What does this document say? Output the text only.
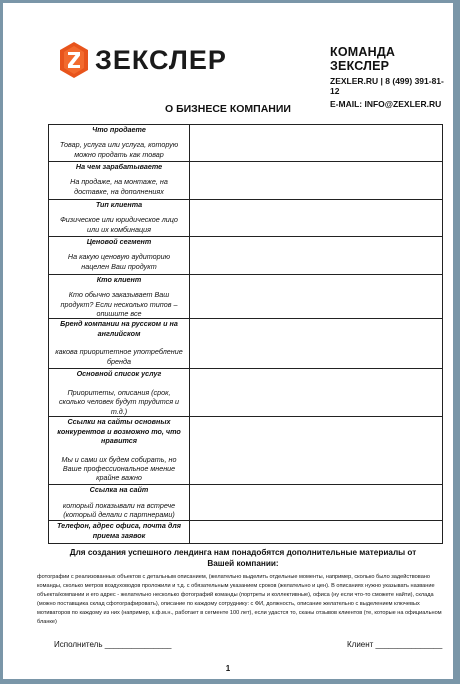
ЗЕКСЛЕР	КОМАНДА ЗЕКСЛЕР
ZEXLER.RU | 8 (499) 391-81-12
E-MAIL: INFO@ZEXLER.RU
О БИЗНЕСЕ КОМПАНИИ
Что продаете
Товар, услуга или услуга, которую можно продать как товар	

На чем зарабатываете
На продаже, на монтаже, на доставке, на дополнениях	

Тип клиента
Физическое или юридическое лицо или их комбинация	

Ценовой сегмент
На какую ценовую аудиторию нацелен Ваш продукт	

Кто клиент
Кто обычно заказывает Ваш продукт? Если несколько типов – опишите все	

Бренд компании на русском и на английском
какова приоритетное употребление бренда	

Основной список услуг
Приоритеты, описания (срок, сколько человек будут трудится и т.д.)	

Ссылки на сайты основных конкурентов и возможно то, что нравится
Мы и сами их будем собирать, но Ваше профессиональное мнение крайне важно	

Ссылка на сайт
который показывали на встрече (который делали с партнерами)	

Телефон, адрес офиса, почта для приема заявок	

Для создания успешного лендинга нам понадобятся дополнительные материалы от Вашей компании:
фотографии с реализованных объектов с детальным описанием, (желательно выделить отдельные моменты, например, сколько было задействовано команды, сколько метров воздуховодов проложили и т.д. с обязательным указанием сроков (желательно и цен). В описаниях нужно указывать название объекта/компании и его адрес - желательно несколько фотографий команды (портреты и коллективные), офиса (ну если что-то сможете найти), склада (можно поставщика склад сфотографировать), описание по каждому сотруднику: с ФИ, должность, описание желательно с выделением ключевых мотиваторов по каждому из них (например, к.ф.м.н., работает в сегменте 100 лет), если удастся то, сканы отзывов клиентов (те, которые на официальном бланке)
Исполнитель _______________	Клиент _______________
1
